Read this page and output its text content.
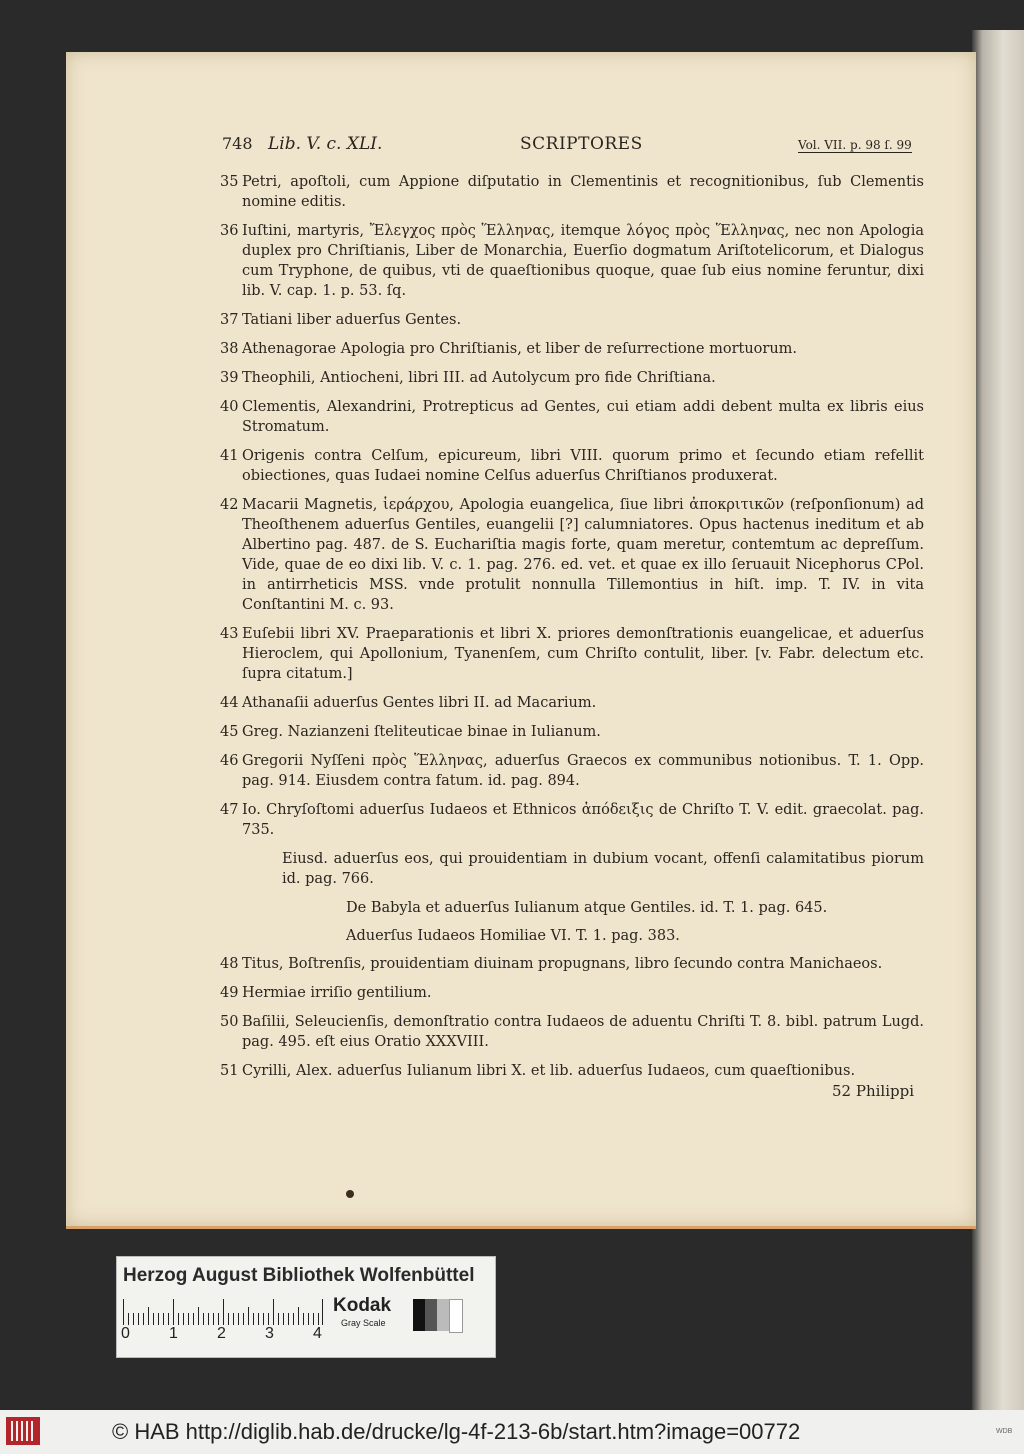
748 Lib. V. c. XLI.	SCRIPTORES	Vol. VII. p. 98 ſ. 99
35 Petri, apoſtoli, cum Appione diſputatio in Clementinis et recognitionibus, ſub Clementis nomine editis.
36 Iuſtini, martyris, Ἔλεγχος πρὸς Ἕλληνας, itemque λόγος πρὸς Ἕλληνας, nec non Apologia duplex pro Chriſtianis, Liber de Monarchia, Euerſio dogmatum Ariſtotelicorum, et Dialogus cum Tryphone, de quibus, vti de quaeſtionibus quoque, quae ſub eius nomine feruntur, dixi lib. V. cap. 1. p. 53. ſq.
37 Tatiani liber aduerſus Gentes.
38 Athenagorae Apologia pro Chriſtianis, et liber de reſurrectione mortuorum.
39 Theophili, Antiocheni, libri III. ad Autolycum pro fide Chriſtiana.
40 Clementis, Alexandrini, Protrepticus ad Gentes, cui etiam addi debent multa ex libris eius Stromatum.
41 Origenis contra Celſum, epicureum, libri VIII. quorum primo et ſecundo etiam refellit obiectiones, quas Iudaei nomine Celſus aduerſus Chriſtianos produxerat.
42 Macarii Magnetis, ἱεράρχου, Apologia euangelica, ſiue libri ἀποκριτικῶν (reſponſionum) ad Theoſthenem aduerſus Gentiles, euangelii [?] calumniatores. Opus hactenus ineditum et ab Albertino pag. 487. de S. Euchariſtia magis forte, quam meretur, contemtum ac depreſſum. Vide, quae de eo dixi lib. V. c. 1. pag. 276. ed. vet. et quae ex illo ſeruauit Nicephorus CPol. in antirrheticis MSS. vnde protulit nonnulla Tillemontius in hiſt. imp. T. IV. in vita Conſtantini M. c. 93.
43 Euſebii libri XV. Praeparationis et libri X. priores demonſtrationis euangelicae, et aduerſus Hieroclem, qui Apollonium, Tyanenſem, cum Chriſto contulit, liber. [v. Fabr. delectum etc. ſupra citatum.]
44 Athanaſii aduerſus Gentes libri II. ad Macarium.
45 Greg. Nazianzeni ſteliteuticae binae in Iulianum.
46 Gregorii Nyſſeni πρὸς Ἕλληνας, aduerſus Graecos ex communibus notionibus. T. 1. Opp. pag. 914. Eiusdem contra fatum. id. pag. 894.
47 Io. Chryſoſtomi aduerſus Iudaeos et Ethnicos ἀπόδειξις de Chriſto T. V. edit. graecolat. pag. 735.
Eiusd. aduerſus eos, qui prouidentiam in dubium vocant, offenſi calamitatibus piorum id. pag. 766.
De Babyla et aduerſus Iulianum atque Gentiles. id. T. 1. pag. 645.
Aduerſus Iudaeos Homiliae VI. T. 1. pag. 383.
48 Titus, Boſtrenſis, prouidentiam diuinam propugnans, libro ſecundo contra Manichaeos.
49 Hermiae irriſio gentilium.
50 Baſilii, Seleucienſis, demonſtratio contra Iudaeos de aduentu Chriſti T. 8. bibl. patrum Lugd. pag. 495. eſt eius Oratio XXXVIII.
51 Cyrilli, Alex. aduerſus Iulianum libri X. et lib. aduerſus Iudaeos, cum quaeſtionibus.
52 Philippi
Herzog August Bibliothek Wolfenbüttel
0 1 2 3 4
Kodak
Gray Scale
© HAB http://diglib.hab.de/drucke/lg-4f-213-6b/start.htm?image=00772	WDB
